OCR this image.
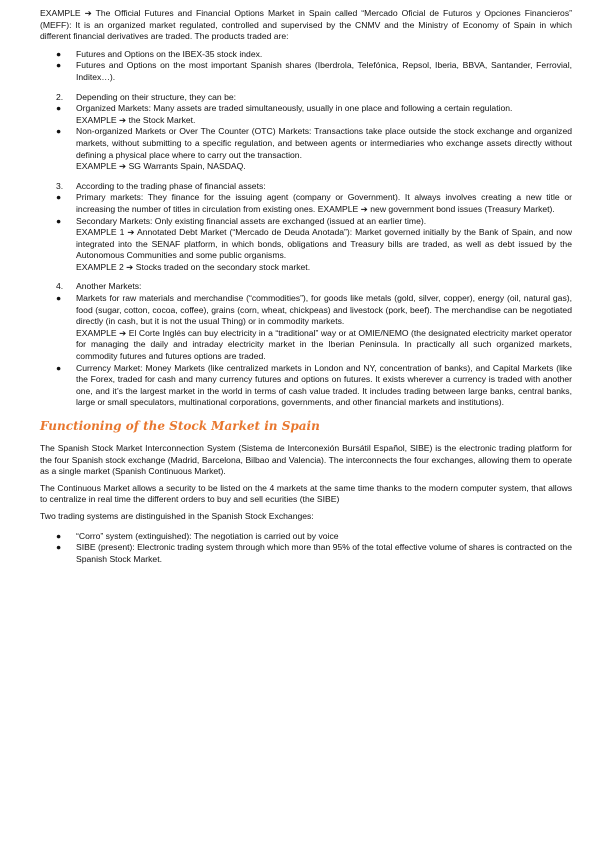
EXAMPLE ➔ The Official Futures and Financial Options Market in Spain called “Mercado Oficial de Futuros y Opciones Financieros” (MEFF): It is an organized market regulated, controlled and supervised by the CNMV and the Ministry of Economy of Spain in which different financial derivatives are traded. The products traded are:

● Futures and Options on the IBEX-35 stock index.
● Futures and Options on the most important Spanish shares (Iberdrola, Telefónica, Repsol, Iberia, BBVA, Santander, Ferrovial, Inditex…).
2. Depending on their structure, they can be:
● Organized Markets: Many assets are traded simultaneously, usually in one place and following a certain regulation.
EXAMPLE ➔ the Stock Market.
● Non-organized Markets or Over The Counter (OTC) Markets: Transactions take place outside the stock exchange and organized markets, without submitting to a specific regulation, and between agents or intermediaries who exchange assets directly without defining a physical place where to carry out the transaction.
EXAMPLE ➔ SG Warrants Spain, NASDAQ.
3. According to the trading phase of financial assets:
● Primary markets: They finance for the issuing agent (company or Government). It always involves creating a new title or increasing the number of titles in circulation from existing ones. EXAMPLE ➔ new government bond issues (Treasury Market).
● Secondary Markets: Only existing financial assets are exchanged (issued at an earlier time).
EXAMPLE 1 ➔ Annotated Debt Market (“Mercado de Deuda Anotada”): Market governed initially by the Bank of Spain, and now integrated into the SENAF platform, in which bonds, obligations and Treasury bills are traded, as well as debt issued by the Autonomous Communities and some public organisms.
EXAMPLE 2 ➔ Stocks traded on the secondary stock market.
4. Another Markets:
● Markets for raw materials and merchandise (“commodities”), for goods like metals (gold, silver, copper), energy (oil, natural gas), food (sugar, cotton, cocoa, coffee), grains (corn, wheat, chickpeas) and livestock (pork, beef). The merchandise can be negotiated directly (in cash, but it is not the usual Thing) or in commodity markets.
EXAMPLE ➔ El Corte Inglés can buy electricity in a “traditional” way or at OMIE/NEMO (the designated electricity market operator for managing the daily and intraday electricity market in the Iberian Peninsula. In practically all such organized markets, commodity futures and futures options are traded.
● Currency Market: Money Markets (like centralized markets in London and NY, concentration of banks), and Capital Markets (like the Forex, traded for cash and many currency futures and options on futures. It exists wherever a currency is traded with another one, and it’s the largest market in the world in terms of cash value traded. It includes trading between large banks, central banks, large or small speculators, multinational corporations, governments, and other financial markets and institutions).
Functioning of the Stock Market in Spain

The Spanish Stock Market Interconnection System (Sistema de Interconexión Bursátil Español, SIBE) is the electronic trading platform for the four Spanish stock exchange (Madrid, Barcelona, Bilbao and Valencia). The interconnects the four exchanges, allowing them to operate as a single market (Spanish Continuous Market).

The Continuous Market allows a security to be listed on the 4 markets at the same time thanks to the modern computer system, that allows to centralize in real time the different orders to buy and sell ecurities (the SIBE)

Two trading systems are distinguished in the Spanish Stock Exchanges:

● “Corro” system (extinguished): The negotiation is carried out by voice
● SIBE (present): Electronic trading system through which more than 95% of the total effective volume of shares is contracted on the Spanish Stock Market.
